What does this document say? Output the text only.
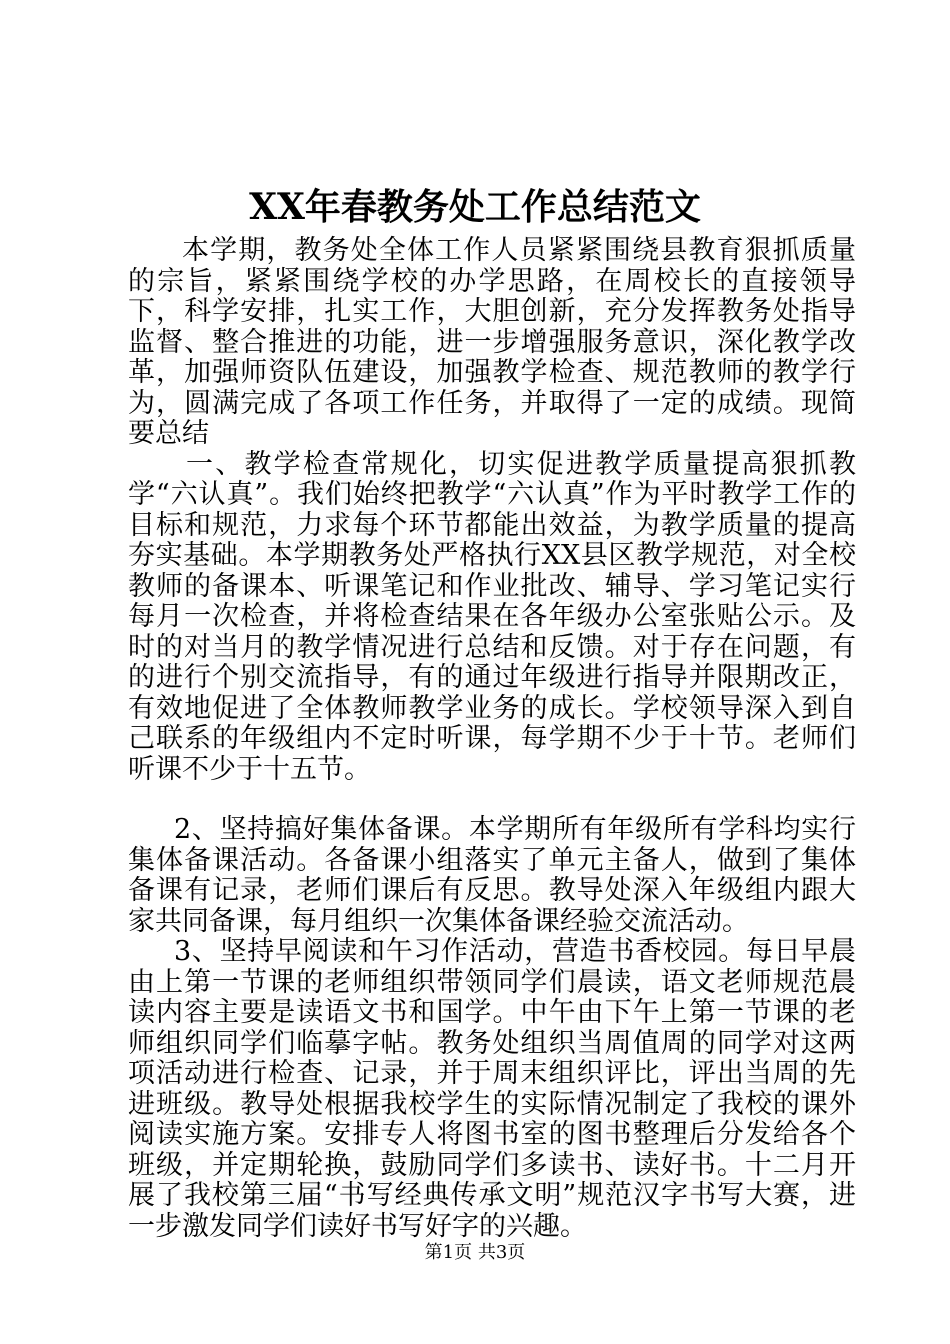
XX年春教务处工作总结范文

本学期，教务处全体工作人员紧紧围绕县教育狠抓质量的宗旨，紧紧围绕学校的办学思路，在周校长的直接领导下，科学安排，扎实工作，大胆创新，充分发挥教务处指导监督、整合推进的功能，进一步增强服务意识，深化教学改革，加强师资队伍建设，加强教学检查、规范教师的教学行为，圆满完成了各项工作任务，并取得了一定的成绩。现简要总结

一、教学检查常规化，切实促进教学质量提高狠抓教学“六认真”。我们始终把教学“六认真”作为平时教学工作的目标和规范，力求每个环节都能出效益，为教学质量的提高夯实基础。本学期教务处严格执行XX县区教学规范，对全校教师的备课本、听课笔记和作业批改、辅导、学习笔记实行每月一次检查，并将检查结果在各年级办公室张贴公示。及时的对当月的教学情况进行总结和反馈。对于存在问题，有的进行个别交流指导，有的通过年级进行指导并限期改正，有效地促进了全体教师教学业务的成长。学校领导深入到自己联系的年级组内不定时听课，每学期不少于十节。老师们听课不少于十五节。

2、坚持搞好集体备课。本学期所有年级所有学科均实行集体备课活动。各备课小组落实了单元主备人，做到了集体备课有记录，老师们课后有反思。教导处深入年级组内跟大家共同备课，每月组织一次集体备课经验交流活动。

3、坚持早阅读和午习作活动，营造书香校园。每日早晨由上第一节课的老师组织带领同学们晨读，语文老师规范晨读内容主要是读语文书和国学。中午由下午上第一节课的老师组织同学们临摹字帖。教务处组织当周值周的同学对这两项活动进行检查、记录，并于周末组织评比，评出当周的先进班级。教导处根据我校学生的实际情况制定了我校的课外阅读实施方案。安排专人将图书室的图书整理后分发给各个班级，并定期轮换，鼓励同学们多读书、读好书。十二月开展了我校第三届“书写经典传承文明”规范汉字书写大赛，进一步激发同学们读好书写好字的兴趣。

第1页 共3页
